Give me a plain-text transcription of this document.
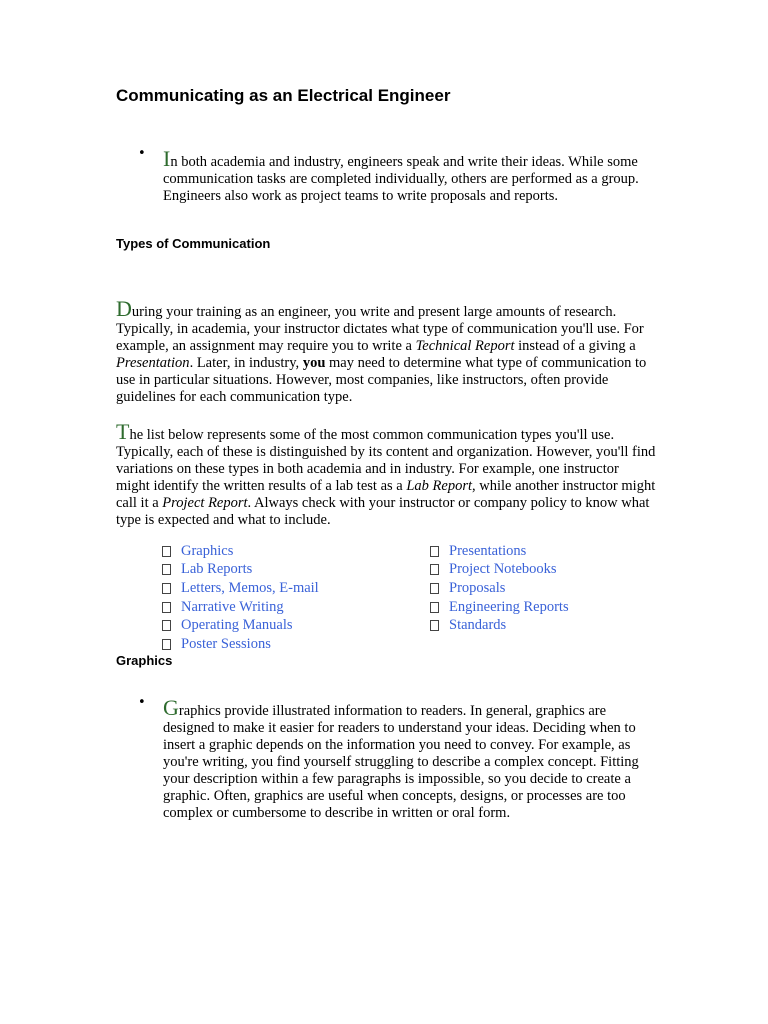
Communicating as an Electrical Engineer
• In both academia and industry, engineers speak and write their ideas. While some communication tasks are completed individually, others are performed as a group. Engineers also work as project teams to write proposals and reports.
Types of Communication
During your training as an engineer, you write and present large amounts of research. Typically, in academia, your instructor dictates what type of communication you'll use. For example, an assignment may require you to write a Technical Report instead of a giving a Presentation. Later, in industry, you may need to determine what type of communication to use in particular situations. However, most companies, like instructors, often provide guidelines for each communication type.
The list below represents some of the most common communication types you'll use. Typically, each of these is distinguished by its content and organization. However, you'll find variations on these types in both academia and in industry. For example, one instructor might identify the written results of a lab test as a Lab Report, while another instructor might call it a Project Report. Always check with your instructor or company policy to know what type is expected and what to include.
Graphics
Lab Reports
Letters, Memos, E-mail
Narrative Writing
Operating Manuals
Poster Sessions
Presentations
Project Notebooks
Proposals
Engineering Reports
Standards
Graphics
• Graphics provide illustrated information to readers. In general, graphics are designed to make it easier for readers to understand your ideas. Deciding when to insert a graphic depends on the information you need to convey. For example, as you're writing, you find yourself struggling to describe a complex concept. Fitting your description within a few paragraphs is impossible, so you decide to create a graphic. Often, graphics are useful when concepts, designs, or processes are too complex or cumbersome to describe in written or oral form.
